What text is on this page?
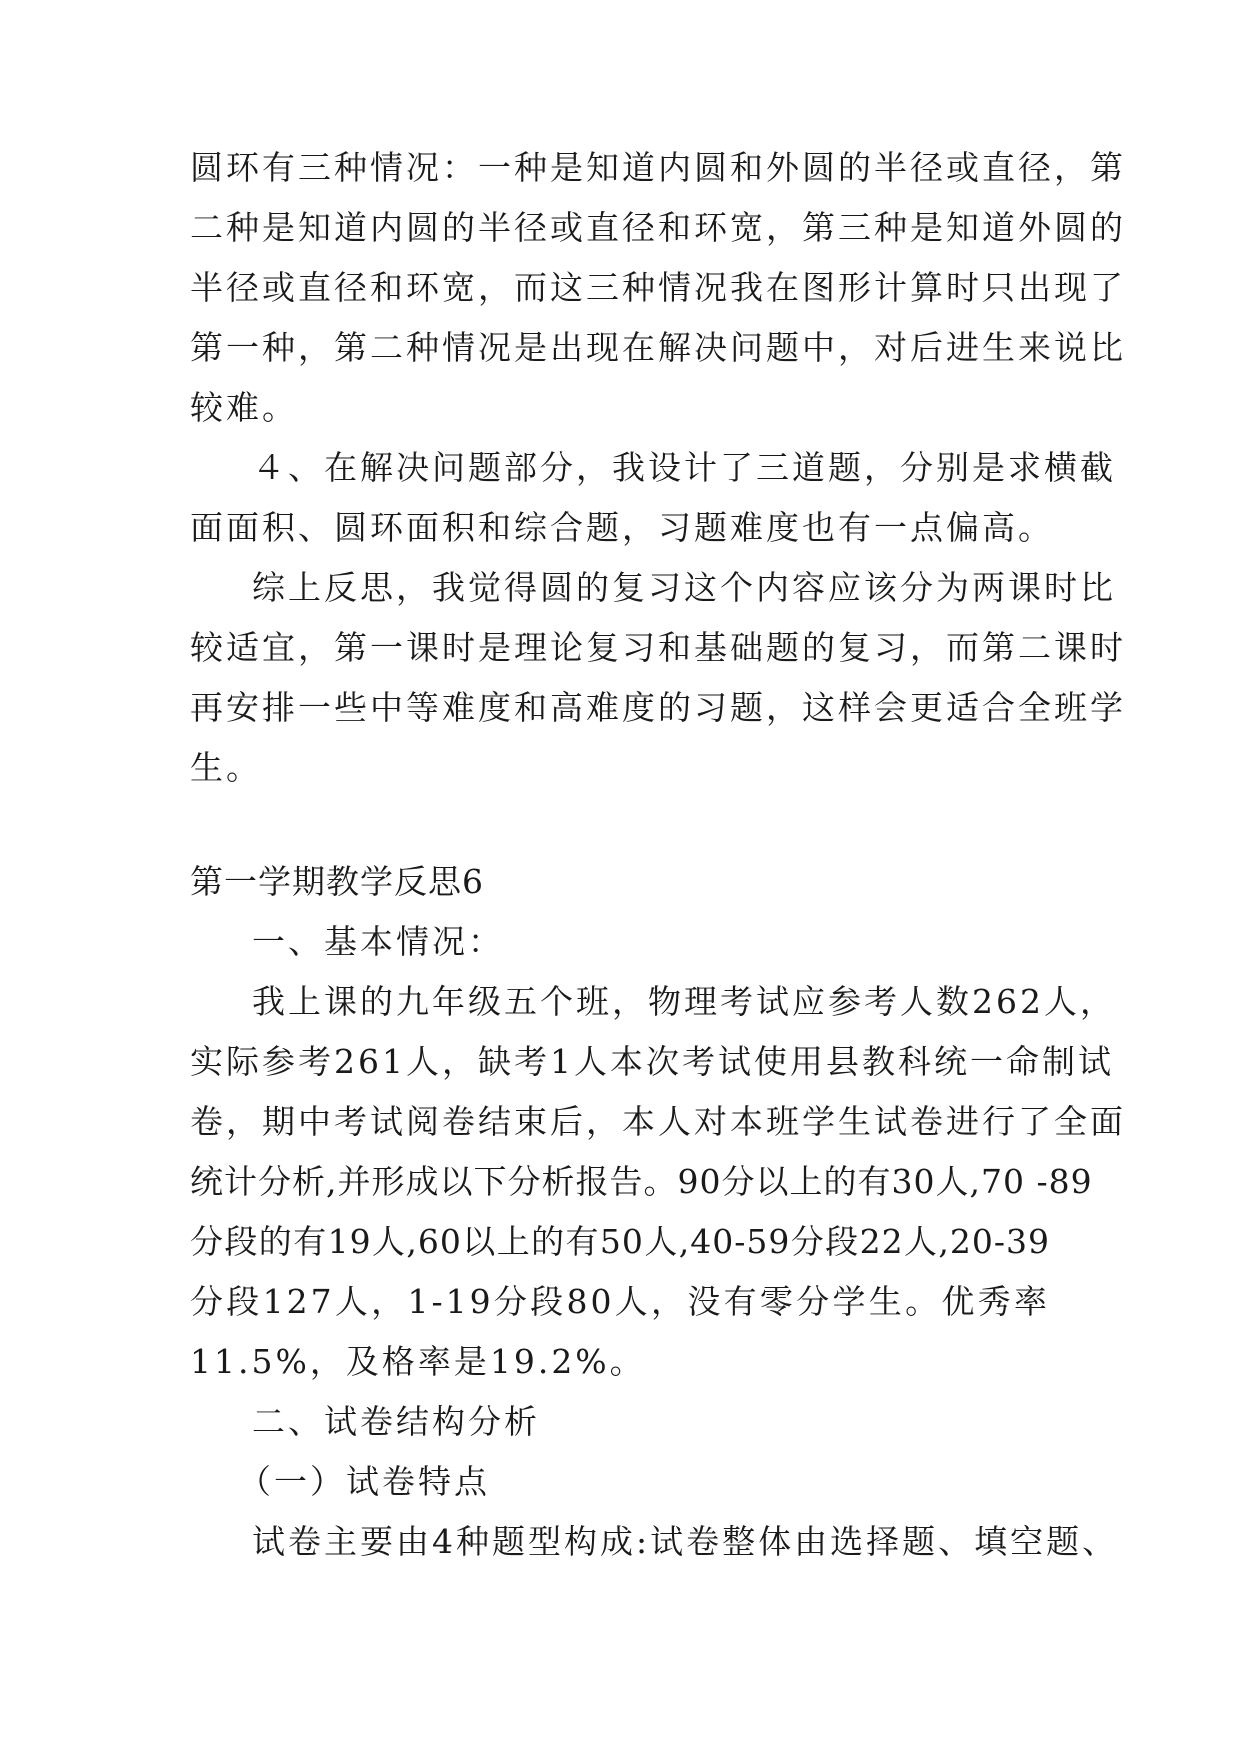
圆环有三种情况：一种是知道内圆和外圆的半径或直径，第
二种是知道内圆的半径或直径和环宽，第三种是知道外圆的
半径或直径和环宽，而这三种情况我在图形计算时只出现了
第一种，第二种情况是出现在解决问题中，对后进生来说比
较难。
４、在解决问题部分，我设计了三道题，分别是求横截
面面积、圆环面积和综合题，习题难度也有一点偏高。
综上反思，我觉得圆的复习这个内容应该分为两课时比
较适宜，第一课时是理论复习和基础题的复习，而第二课时
再安排一些中等难度和高难度的习题，这样会更适合全班学
生。
第一学期教学反思6
一、基本情况：
我上课的九年级五个班，物理考试应参考人数262人，
实际参考261人，缺考1人本次考试使用县教科统一命制试
卷，期中考试阅卷结束后，本人对本班学生试卷进行了全面
统计分析,并形成以下分析报告。90分以上的有30人,70 -89
分段的有19人,60以上的有50人,40-59分段22人,20-39
分段127人，1-19分段80人，没有零分学生。优秀率
11.5%，及格率是19.2%。
二、试卷结构分析
（一）试卷特点
试卷主要由4种题型构成:试卷整体由选择题、填空题、
